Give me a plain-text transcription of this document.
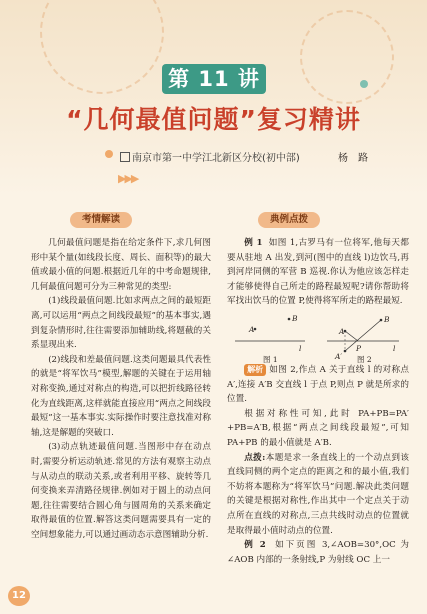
第 11 讲
“几何最值问题”复习精讲
南京市第一中学江北新区分校(初中部)	杨　路
▶▶▶
考情解读	典例点拨

几何最值问题是指在给定条件下,求几何图形中某个量(如线段长度、周长、面积等)的最大值或最小值的问题.根据近几年的中考命题规律,几何最值问题可分为三种常见的类型:

(1)线段最值问题.比如求两点之间的最短距离,可以运用“两点之间线段最短”的基本事实,遇到复杂情形时,往往需要添加辅助线,将题截的关系显现出来.

(2)线段和差最值问题.这类问题最具代表性的就是“将军饮马”模型,解题的关键在于运用轴对称变换,通过对称点的构造,可以把折线路径转化为直线距离,这样就能直接应用“两点之间线段最短”这一基本事实.实际操作时要注意找准对称轴,这是解题的突破口.

(3)动点轨迹最值问题.当图形中存在动点时,需要分析运动轨迹.常见的方法有观察主动点与从动点的联动关系,或者利用平移、旋转等几何变换来弄清路径规律.例如对于圆上的动点问题,往往需要结合圆心角与圆周角的关系来确定取得最值的位置.解答这类问题需要具有一定的空间想象能力,可以通过画动态示意图辅助分析.

例 1 如图 1,古罗马有一位将军,他每天都要从驻地 A 出发,到河(图中的直线 l)边饮马,再到河岸同侧的军营 B 巡视.你认为他应该怎样走才能够使得自己所走的路程最短呢?请你帮助将军找出饮马的位置 P,使得将军所走的路程最短.

A
B
l
A
B
P
A′
l
图 1	图 2

解析 如图 2,作点 A 关于直线 l 的对称点 A′,连接 A′B 交直线 l 于点 P,则点 P 就是所求的位置.

根据对称性可知,此时 PA+PB=PA′+PB=A′B,根据“两点之间线段最短”,可知 PA+PB 的最小值就是 A′B.

点拨:本题是求一条直线上的一个动点到该直线同侧的两个定点的距离之和的最小值,我们不妨将本题称为“将军饮马”问题.解决此类问题的关键是根据对称性,作出其中一个定点关于动点所在直线的对称点,三点共线时动点的位置就是取得最小值时动点的位置.

例 2 如下页图 3,∠AOB=30°,OC 为∠AOB 内部的一条射线,P 为射线 OC 上一

12
